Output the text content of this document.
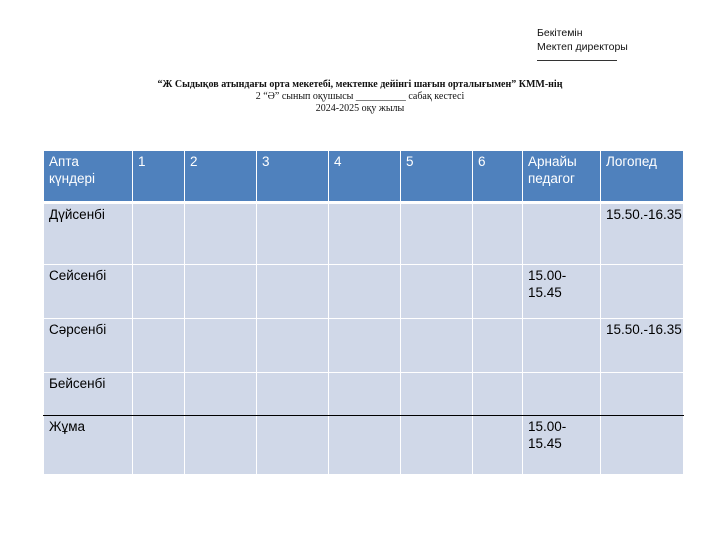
Бекітемін
Мектеп директоры
“Ж Сыдықов атындағы орта мекетебі, мектепке дейінгі шағын орталығымен” КММ-нің
2 “Ә” сынып оқушысы __________ сабақ кестесі
2024-2025 оқу жылы
Апта күндері	1	2	3	4	5	6	Арнайы педагог	Логопед
Дүйсенбі								15.50.-16.35
Сейсенбі							15.00-15.45	
Сәрсенбі								15.50.-16.35
Бейсенбі								
Жұма							15.00-15.45	
